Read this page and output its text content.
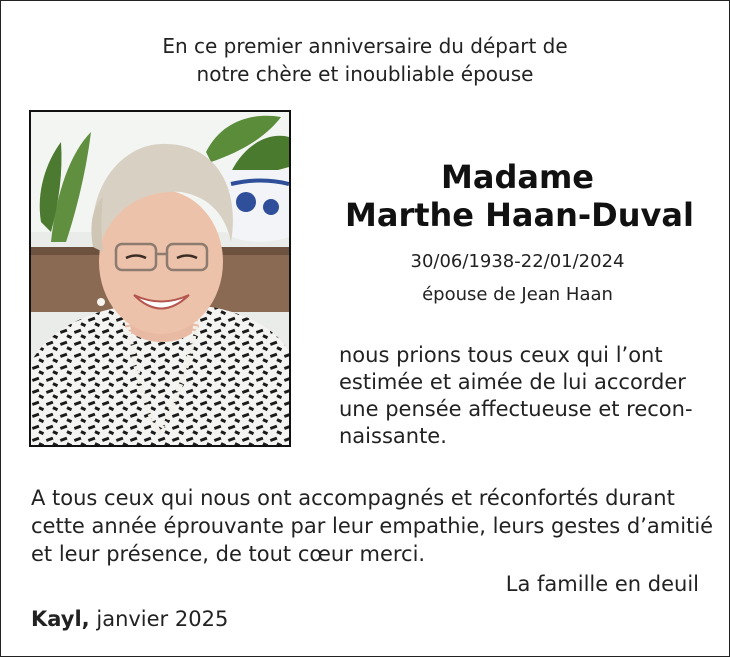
En ce premier anniversaire du départ de
notre chère et inoubliable épouse
Madame
Marthe Haan-Duval
30/06/1938-22/01/2024
épouse de Jean Haan
nous prions tous ceux qui l’ont
estimée et aimée de lui accorder
une pensée affectueuse et recon-
naissante.
A tous ceux qui nous ont accompagnés et réconfortés durant
cette année éprouvante par leur empathie, leurs gestes d’amitié
et leur présence, de tout cœur merci.
La famille en deuil
Kayl, janvier 2025
